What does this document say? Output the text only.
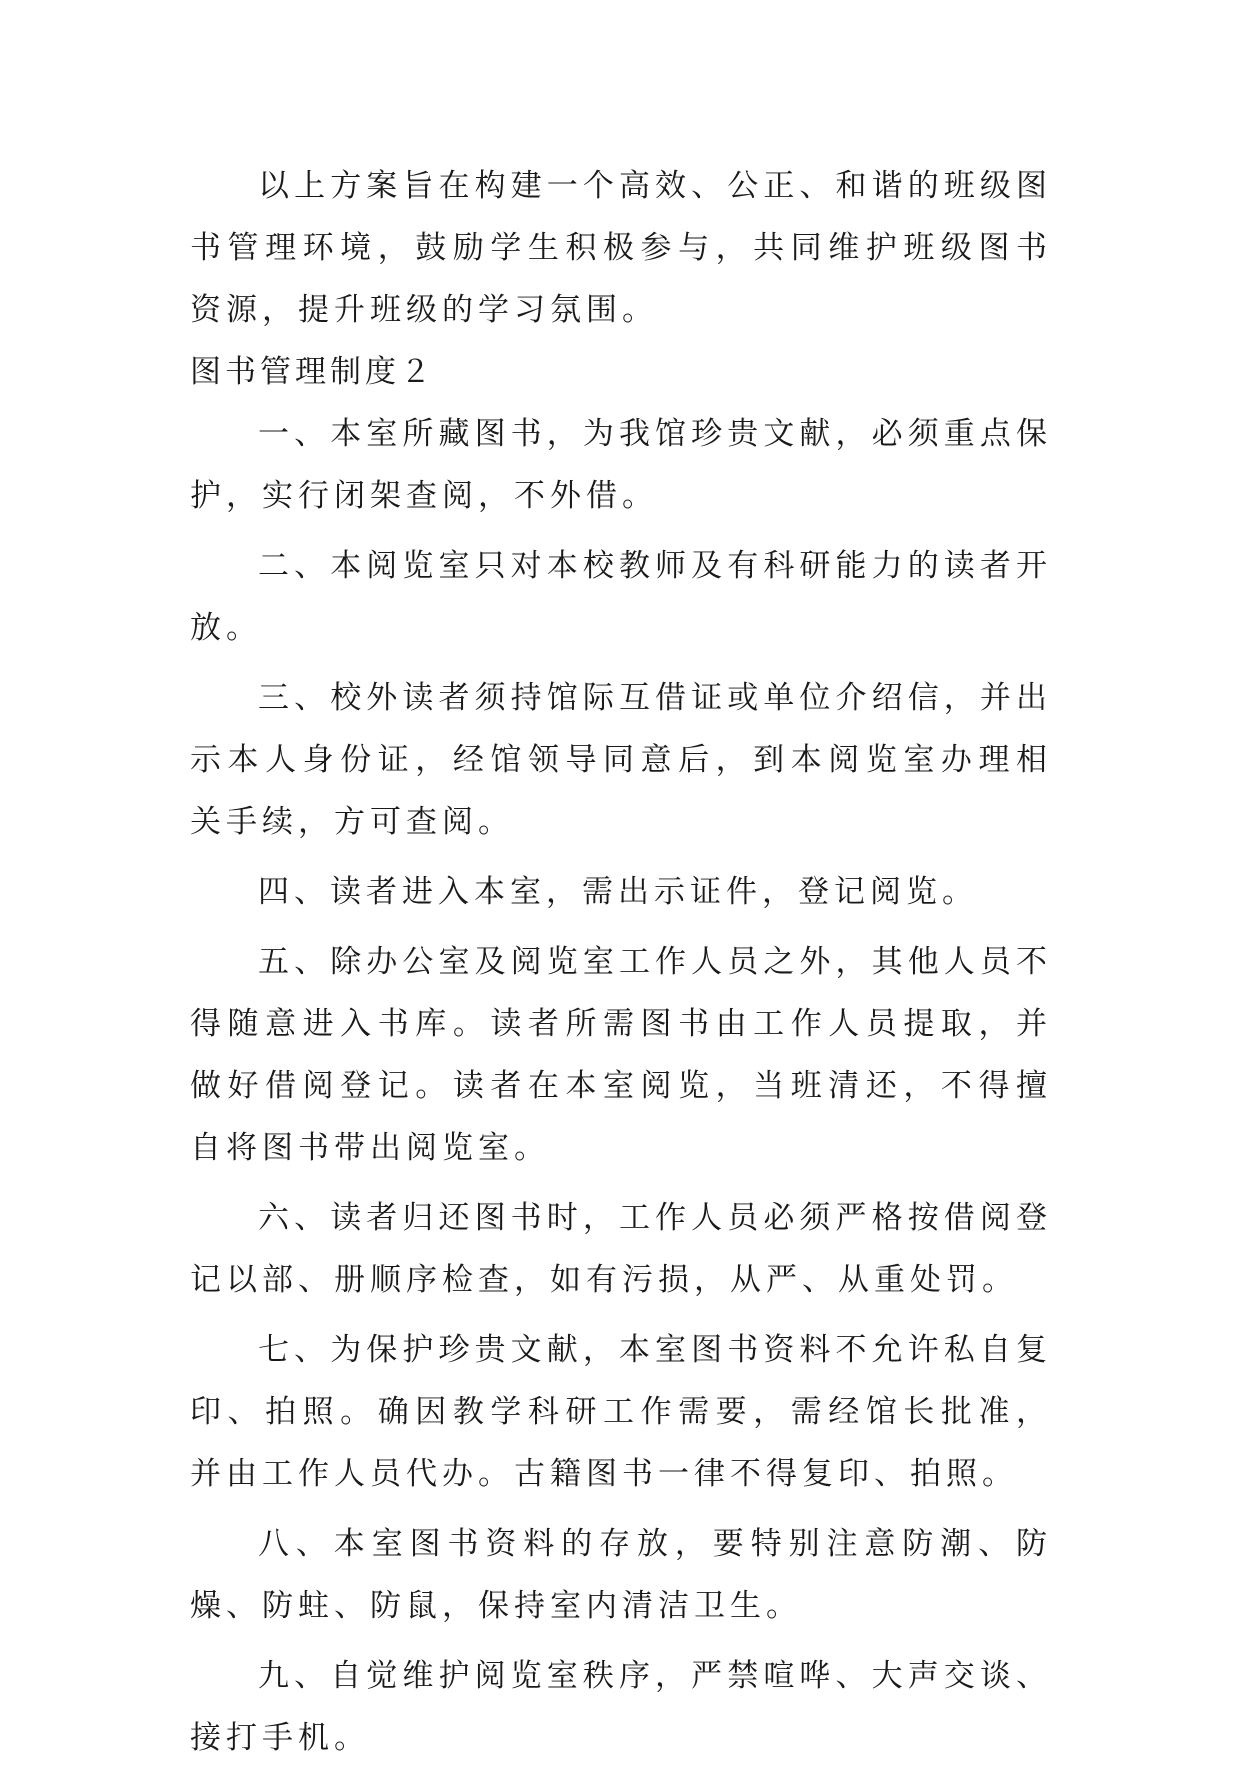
以上方案旨在构建一个高效、公正、和谐的班级图书管理环境，鼓励学生积极参与，共同维护班级图书资源，提升班级的学习氛围。

图书管理制度２

一、本室所藏图书，为我馆珍贵文献，必须重点保护，实行闭架查阅，不外借。

二、本阅览室只对本校教师及有科研能力的读者开放。

三、校外读者须持馆际互借证或单位介绍信，并出示本人身份证，经馆领导同意后，到本阅览室办理相关手续，方可查阅。

四、读者进入本室，需出示证件，登记阅览。

五、除办公室及阅览室工作人员之外，其他人员不得随意进入书库。读者所需图书由工作人员提取，并做好借阅登记。读者在本室阅览，当班清还，不得擅自将图书带出阅览室。

六、读者归还图书时，工作人员必须严格按借阅登记以部、册顺序检查，如有污损，从严、从重处罚。

七、为保护珍贵文献，本室图书资料不允许私自复印、拍照。确因教学科研工作需要，需经馆长批准，并由工作人员代办。古籍图书一律不得复印、拍照。

八、本室图书资料的存放，要特别注意防潮、防燥、防蛀、防鼠，保持室内清洁卫生。

九、自觉维护阅览室秩序，严禁喧哗、大声交谈、接打手机。
